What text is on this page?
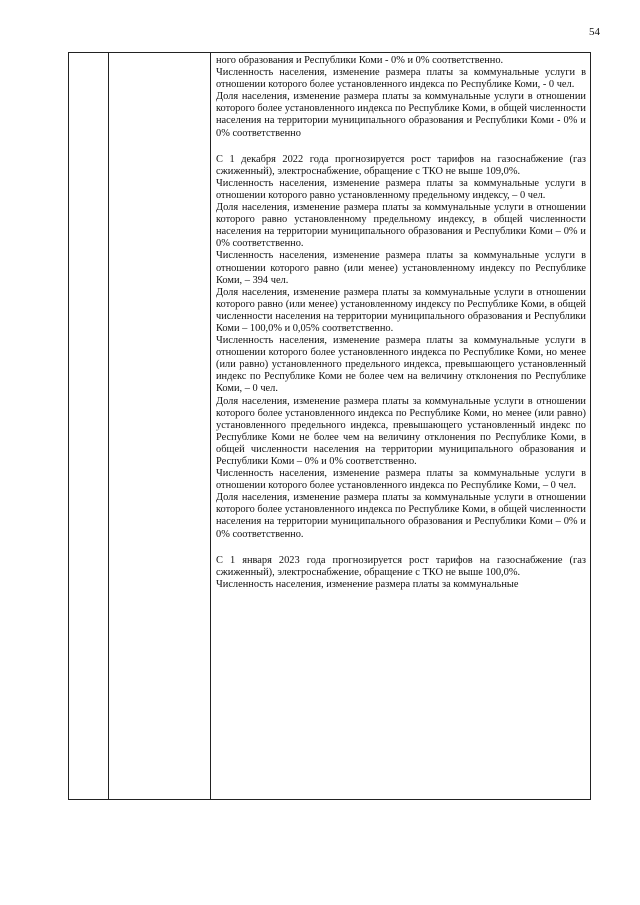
54

ного образования и Республики Коми - 0% и 0% соответственно.

Численность населения, изменение размера платы за коммунальные услуги в отношении которого более установленного индекса по Республике Коми, - 0 чел.

Доля населения, изменение размера платы за коммунальные услуги в отношении которого более установленного индекса по Республике Коми, в общей численности населения на территории муниципального образования и Республики Коми - 0% и 0% соответственно

С 1 декабря 2022 года прогнозируется рост тарифов на газоснабжение (газ сжиженный), электроснабжение, обращение с ТКО не выше 109,0%.

Численность населения, изменение размера платы за коммунальные услуги в отношении которого равно установленному предельному индексу, – 0 чел.

Доля населения, изменение размера платы за коммунальные услуги в отношении которого равно установленному предельному индексу, в общей численности населения на территории муниципального образования и Республики Коми – 0% и 0% соответственно.

Численность населения, изменение размера платы за коммунальные услуги в отношении которого равно (или менее) установленному индексу по Республике Коми, – 394 чел.

Доля населения, изменение размера платы за коммунальные услуги в отношении которого равно (или менее) установленному индексу по Республике Коми, в общей численности населения на территории муниципального образования и Республики Коми – 100,0% и 0,05% соответственно.

Численность населения, изменение размера платы за коммунальные услуги в отношении которого более установленного индекса по Республике Коми, но менее (или равно) установленного предельного индекса, превышающего установленный индекс по Республике Коми не более чем на величину отклонения по Республике Коми, – 0 чел.

Доля населения, изменение размера платы за коммунальные услуги в отношении которого более установленного индекса по Республике Коми, но менее (или равно) установленного предельного индекса, превышающего установленный индекс по Республике Коми не более чем на величину отклонения по Республике Коми, в общей численности населения на территории муниципального образования и Республики Коми – 0% и 0% соответственно.

Численность населения, изменение размера платы за коммунальные услуги в отношении которого более установленного индекса по Республике Коми, – 0 чел.

Доля населения, изменение размера платы за коммунальные услуги в отношении которого более установленного индекса по Республике Коми, в общей численности населения на территории муниципального образования и Республики Коми – 0% и 0% соответственно.

С 1 января 2023 года прогнозируется рост тарифов на газоснабжение (газ сжиженный), электроснабжение, обращение с ТКО не выше 100,0%.

Численность населения, изменение размера платы за коммунальные
